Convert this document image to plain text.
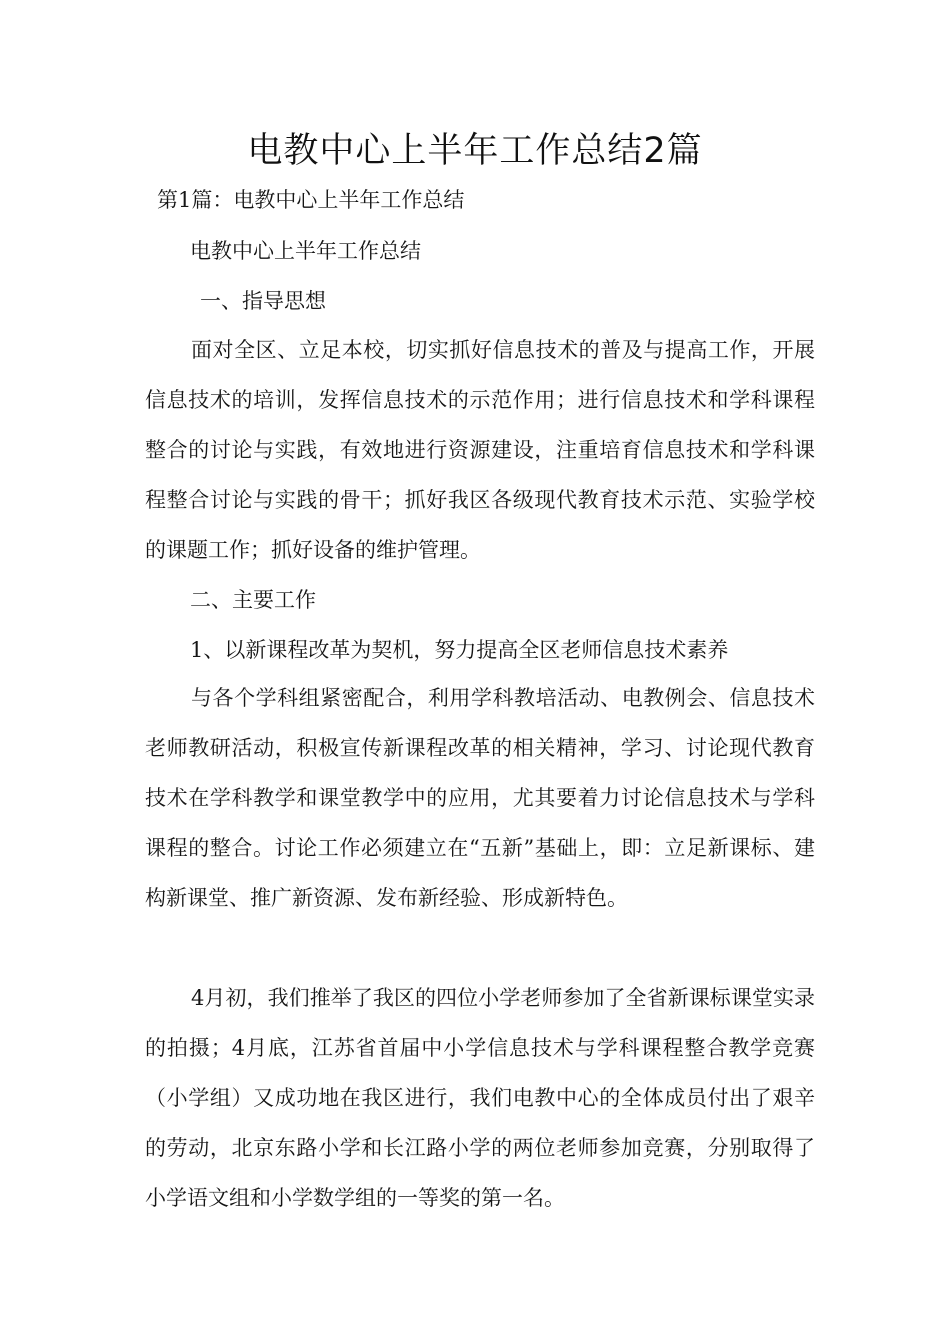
电教中心上半年工作总结2篇

第1篇：电教中心上半年工作总结

电教中心上半年工作总结

一、指导思想

面对全区、立足本校，切实抓好信息技术的普及与提高工作，开展信息技术的培训，发挥信息技术的示范作用；进行信息技术和学科课程整合的讨论与实践，有效地进行资源建设，注重培育信息技术和学科课程整合讨论与实践的骨干；抓好我区各级现代教育技术示范、实验学校的课题工作；抓好设备的维护管理。

二、主要工作

1、以新课程改革为契机，努力提高全区老师信息技术素养

与各个学科组紧密配合，利用学科教培活动、电教例会、信息技术老师教研活动，积极宣传新课程改革的相关精神，学习、讨论现代教育技术在学科教学和课堂教学中的应用，尤其要着力讨论信息技术与学科课程的整合。讨论工作必须建立在“五新”基础上，即：立足新课标、建构新课堂、推广新资源、发布新经验、形成新特色。

4月初，我们推举了我区的四位小学老师参加了全省新课标课堂实录的拍摄；4月底，江苏省首届中小学信息技术与学科课程整合教学竞赛（小学组）又成功地在我区进行，我们电教中心的全体成员付出了艰辛的劳动，北京东路小学和长江路小学的两位老师参加竞赛，分别取得了小学语文组和小学数学组的一等奖的第一名。
